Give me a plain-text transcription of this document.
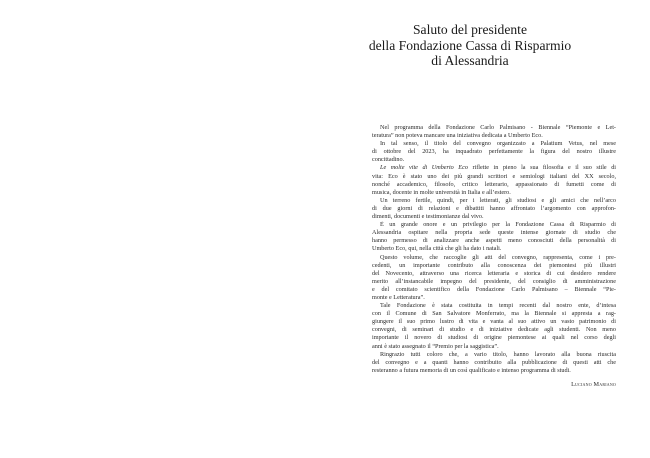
Saluto del presidente
della Fondazione Cassa di Risparmio
di Alessandria
Nel programma della Fondazione Carlo Palmisano - Biennale “Piemonte e Let-
teratura” non poteva mancare una iniziativa dedicata a Umberto Eco.
In tal senso, il titolo del convegno organizzato a Palatium Vetus, nel mese
di ottobre del 2023, ha inquadrato perfettamente la figura del nostro illustre
concittadino.
Le molte vite di Umberto Eco riflette in pieno la sua filosofia e il suo stile di
vita: Eco è stato uno dei più grandi scrittori e semiologi italiani del XX secolo,
nonché accademico, filosofo, critico letterario, appassionato di fumetti come di
musica, docente in molte università in Italia e all’estero.
Un terreno fertile, quindi, per i letterati, gli studiosi e gli amici che nell’arco
di due giorni di relazioni e dibattiti hanno affrontato l’argomento con approfon-
dimenti, documenti e testimonianze dal vivo.
È un grande onore e un privilegio per la Fondazione Cassa di Risparmio di
Alessandria ospitare nella propria sede queste intense giornate di studio che
hanno permesso di analizzare anche aspetti meno conosciuti della personalità di
Umberto Eco, qui, nella città che gli ha dato i natali.
Questo volume, che raccoglie gli atti del convegno, rappresenta, come i pre-
cedenti, un importante contributo alla conoscenza dei piemontesi più illustri
del Novecento, attraverso una ricerca letteraria e storica di cui desidero rendere
merito all’instancabile impegno del presidente, del consiglio di amministrazione
e del comitato scientifico della Fondazione Carlo Palmisano – Biennale “Pie-
monte e Letteratura”.
Tale Fondazione è stata costituita in tempi recenti dal nostro ente, d’intesa
con il Comune di San Salvatore Monferrato, ma la Biennale si appresta a rag-
giungere il suo primo lustro di vita e vanta al suo attivo un vasto patrimonio di
convegni, di seminari di studio e di iniziative dedicate agli studenti. Non meno
importante il novero di studiosi di origine piemontese ai quali nel corso degli
anni è stato assegnato il “Premio per la saggistica”.
Ringrazio tutti coloro che, a vario titolo, hanno lavorato alla buona riuscita
del convegno e a quanti hanno contribuito alla pubblicazione di questi atti che
resteranno a futura memoria di un così qualificato e intenso programma di studi.
Luciano Mariano
